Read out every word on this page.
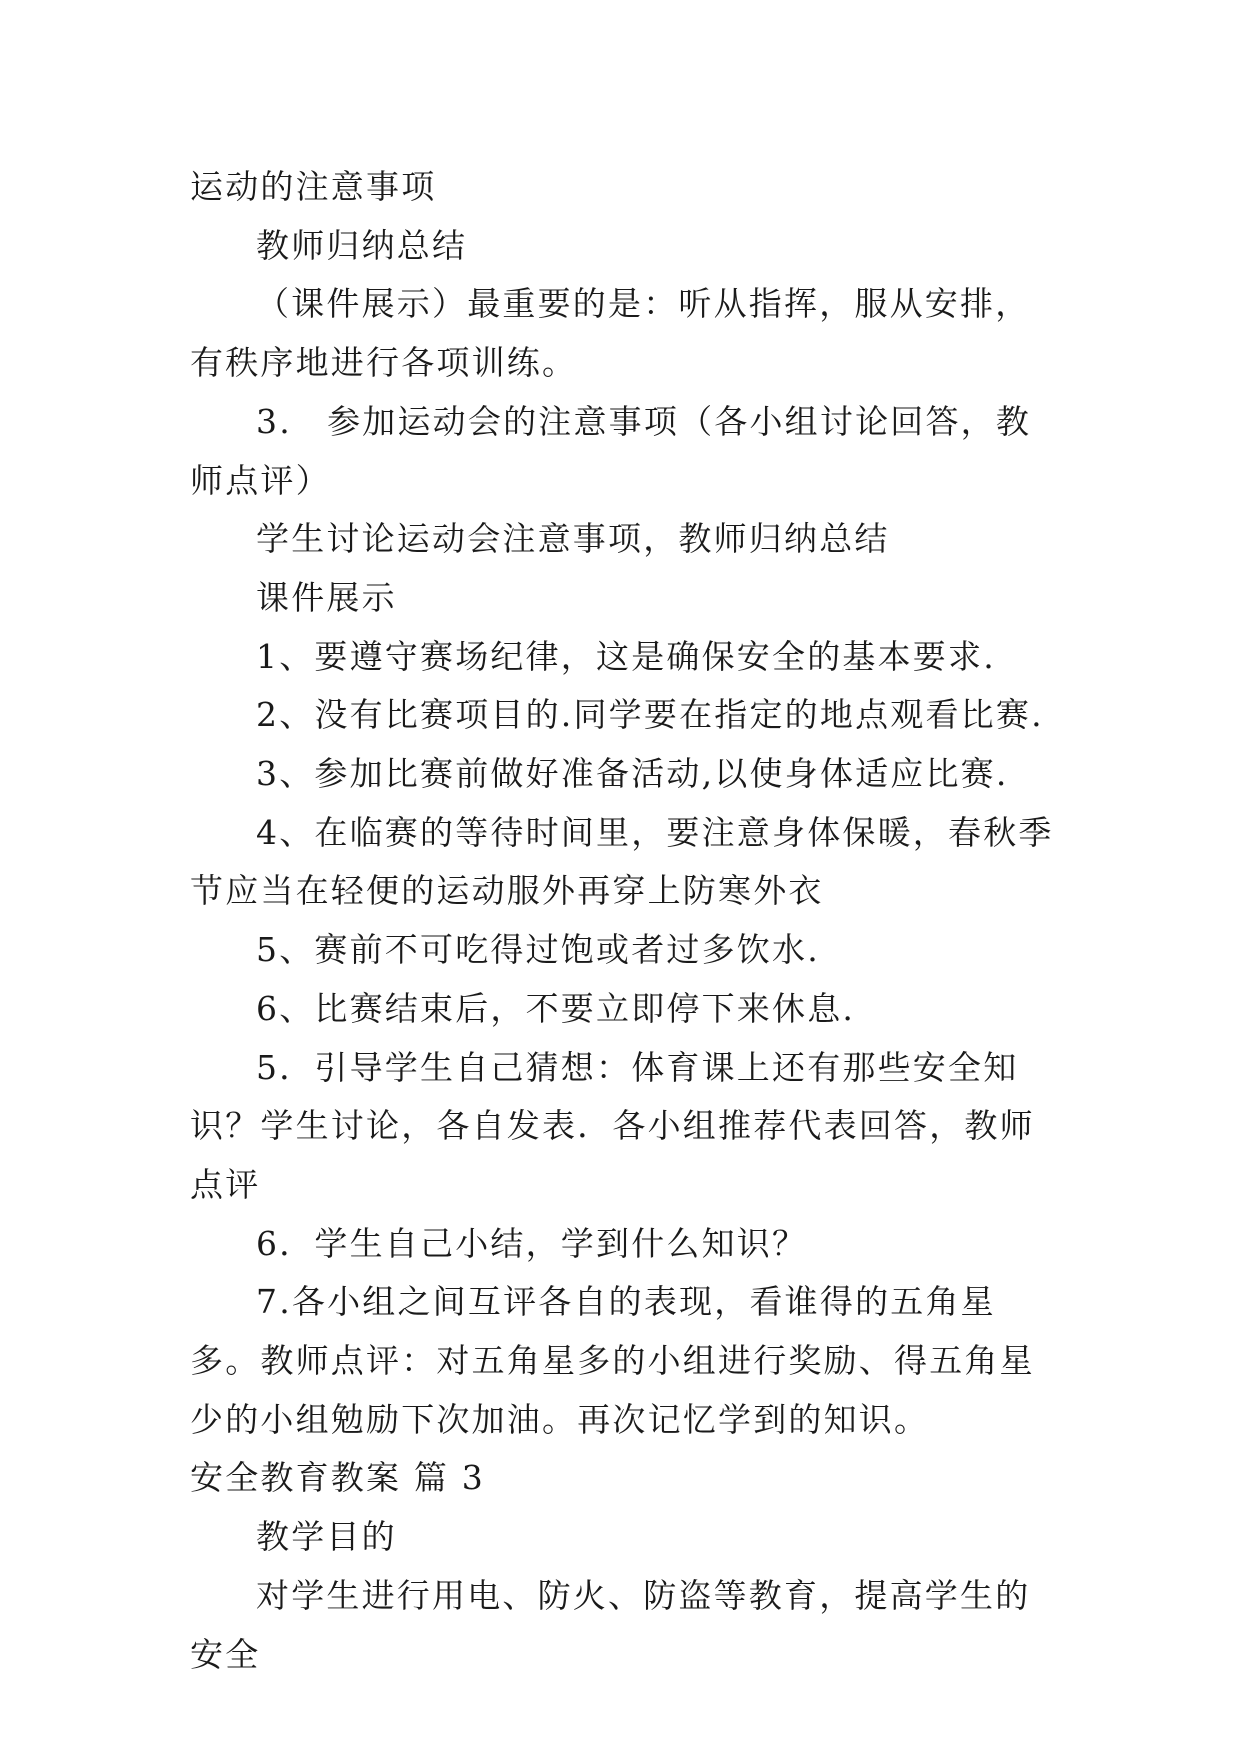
运动的注意事项

教师归纳总结

（课件展示）最重要的是：听从指挥，服从安排，有秩序地进行各项训练。

3.　参加运动会的注意事项（各小组讨论回答，教师点评）

学生讨论运动会注意事项，教师归纳总结

课件展示

1、要遵守赛场纪律，这是确保安全的基本要求.

2、没有比赛项目的.同学要在指定的地点观看比赛.

3、参加比赛前做好准备活动,以使身体适应比赛.

4、在临赛的等待时间里，要注意身体保暖，春秋季节应当在轻便的运动服外再穿上防寒外衣

5、赛前不可吃得过饱或者过多饮水.

6、比赛结束后，不要立即停下来休息.

5．引导学生自己猜想：体育课上还有那些安全知识？学生讨论，各自发表．各小组推荐代表回答，教师点评

6．学生自己小结，学到什么知识？

7.各小组之间互评各自的表现，看谁得的五角星多。教师点评：对五角星多的小组进行奖励、得五角星少的小组勉励下次加油。再次记忆学到的知识。

安全教育教案 篇 3

教学目的

对学生进行用电、防火、防盗等教育，提高学生的安全
